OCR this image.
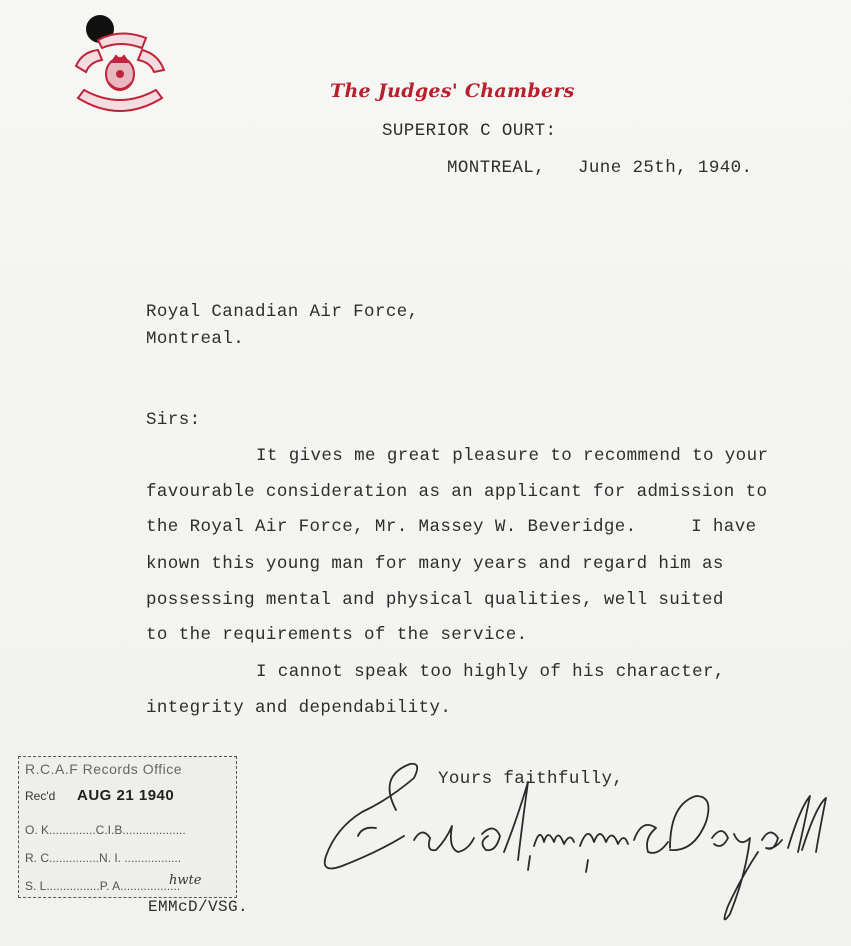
The Judges' Chambers
SUPERIOR C OURT:
MONTREAL, June 25th, 1940.
Royal Canadian Air Force,
Montreal.
Sirs:
It gives me great pleasure to recommend to your
favourable consideration as an applicant for admission to
the Royal Air Force, Mr. Massey W. Beveridge.     I have
known this young man for many years and regard him as
possessing mental and physical qualities, well suited
to the requirements of the service.
I cannot speak too highly of his character,
integrity and dependability.
Yours faithfully,
EMMcD/VSG.
R.C.A.F Records Office
Rec'd AUG 21 1940
O. K..............C.I.B...................
R. C...............N. I. .................
S. L................P. A..................
hwte
